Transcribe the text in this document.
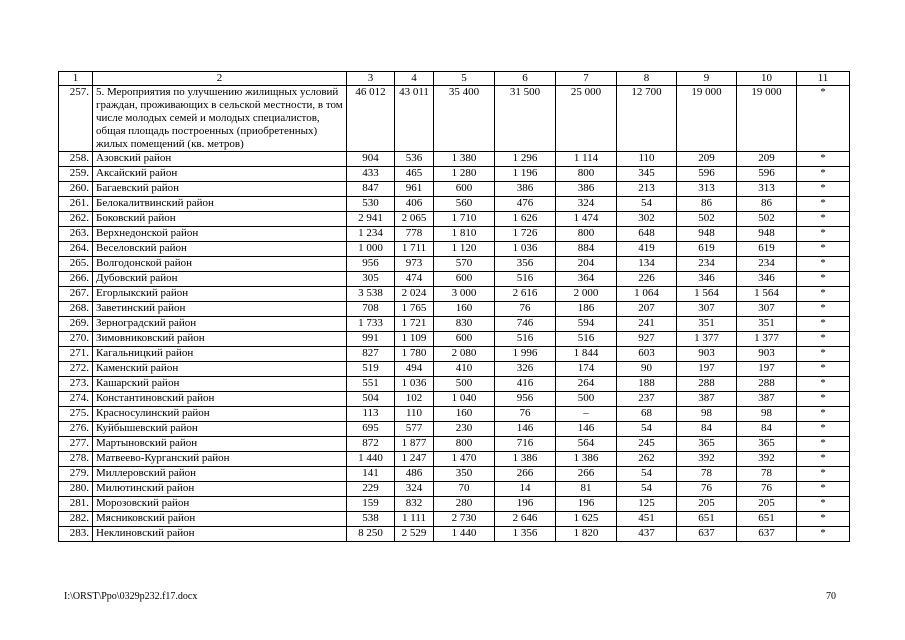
1	2	3	4	5	6	7	8	9	10	11
257.	5. Мероприятия по улучшению жилищных условий граждан, проживающих в сельской местности, в том числе молодых семей и молодых специалистов, общая площадь построенных (приобретенных) жилых помещений (кв. метров)	46 012	43 011	35 400	31 500	25 000	12 700	19 000	19 000	*
258.	Азовский район	904	536	1 380	1 296	1 114	110	209	209	*
259.	Аксайский район	433	465	1 280	1 196	800	345	596	596	*
260.	Багаевский район	847	961	600	386	386	213	313	313	*
261.	Белокалитвинский район	530	406	560	476	324	54	86	86	*
262.	Боковский район	2 941	2 065	1 710	1 626	1 474	302	502	502	*
263.	Верхнедонской район	1 234	778	1 810	1 726	800	648	948	948	*
264.	Веселовский район	1 000	1 711	1 120	1 036	884	419	619	619	*
265.	Волгодонской район	956	973	570	356	204	134	234	234	*
266.	Дубовский район	305	474	600	516	364	226	346	346	*
267.	Егорлыкский район	3 538	2 024	3 000	2 616	2 000	1 064	1 564	1 564	*
268.	Заветинский район	708	1 765	160	76	186	207	307	307	*
269.	Зерноградский район	1 733	1 721	830	746	594	241	351	351	*
270.	Зимовниковский район	991	1 109	600	516	516	927	1 377	1 377	*
271.	Кагальницкий район	827	1 780	2 080	1 996	1 844	603	903	903	*
272.	Каменский район	519	494	410	326	174	90	197	197	*
273.	Кашарский район	551	1 036	500	416	264	188	288	288	*
274.	Константиновский район	504	102	1 040	956	500	237	387	387	*
275.	Красносулинский район	113	110	160	76	–	68	98	98	*
276.	Куйбышевский район	695	577	230	146	146	54	84	84	*
277.	Мартыновский район	872	1 877	800	716	564	245	365	365	*
278.	Матвеево-Курганский район	1 440	1 247	1 470	1 386	1 386	262	392	392	*
279.	Миллеровский район	141	486	350	266	266	54	78	78	*
280.	Милютинский район	229	324	70	14	81	54	76	76	*
281.	Морозовский район	159	832	280	196	196	125	205	205	*
282.	Мясниковский район	538	1 111	2 730	2 646	1 625	451	651	651	*
283.	Неклиновский район	8 250	2 529	1 440	1 356	1 820	437	637	637	*
I:\ORST\Ppo\0329p232.f17.docx	70
